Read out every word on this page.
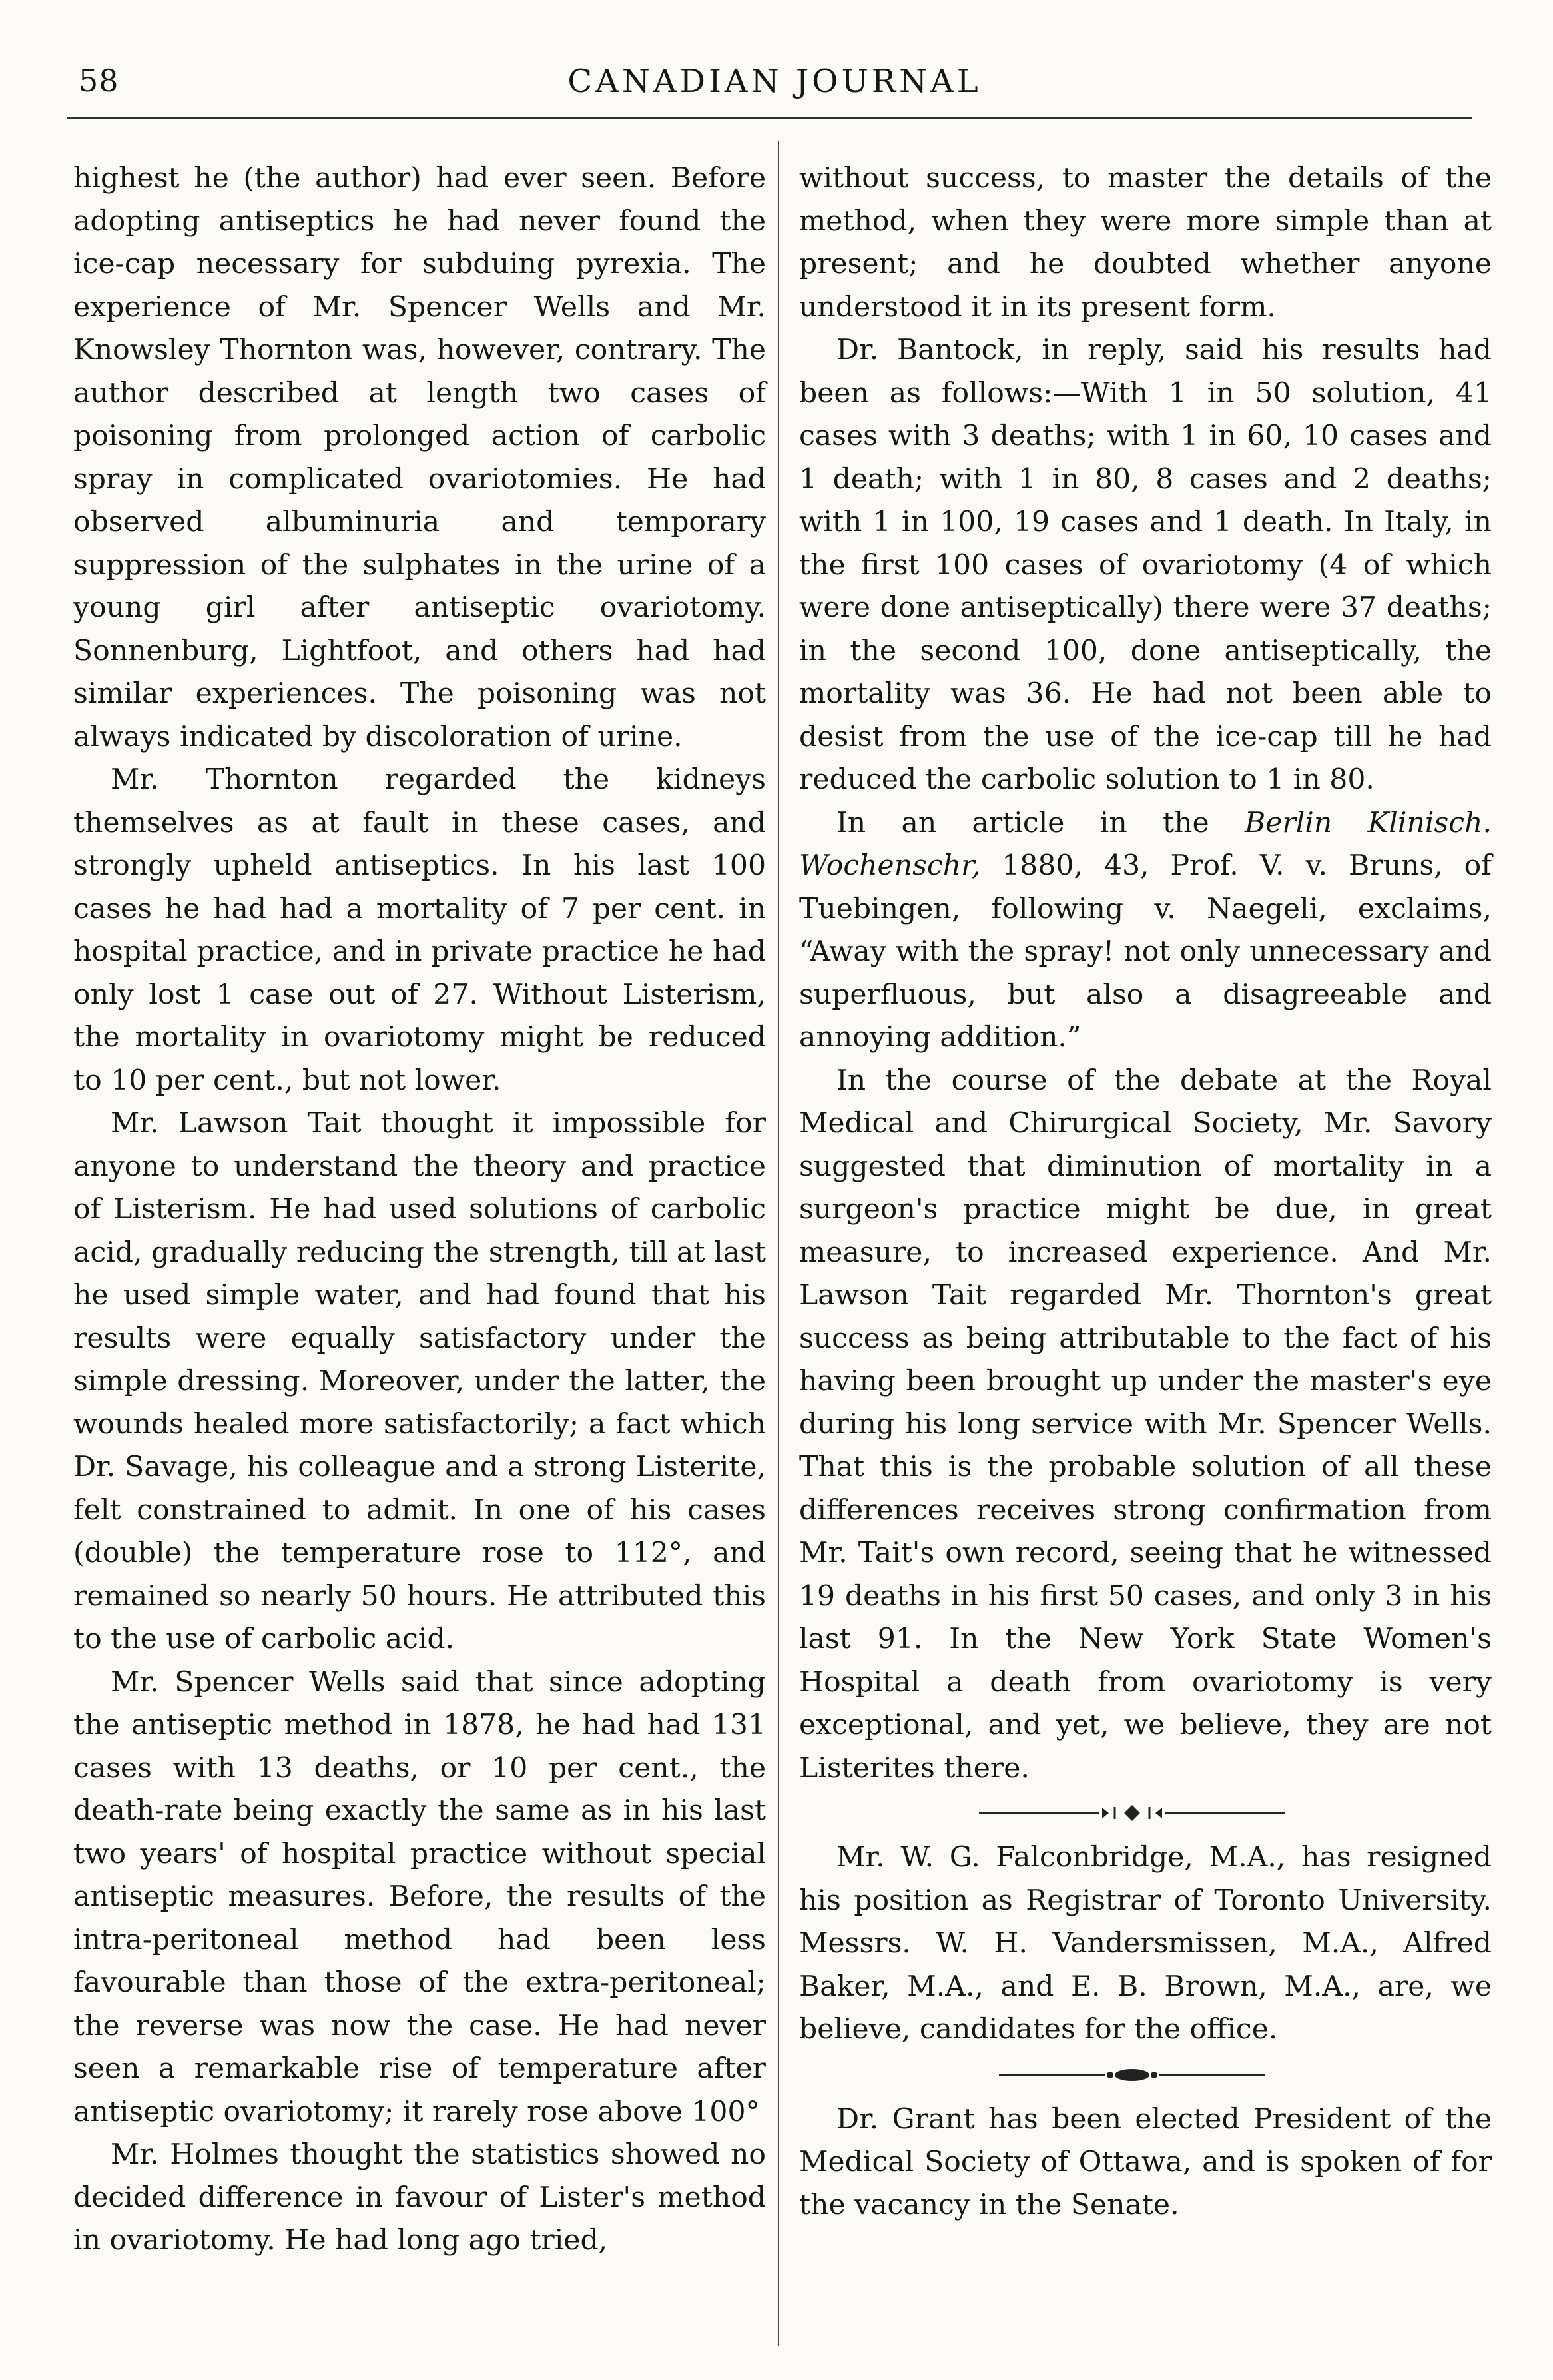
58	CANADIAN JOURNAL

highest he (the author) had ever seen. Before adopting antiseptics he had never found the ice-cap necessary for subduing pyrexia. The experience of Mr. Spencer Wells and Mr. Knowsley Thornton was, however, contrary. The author described at length two cases of poisoning from prolonged action of carbolic spray in complicated ovariotomies. He had observed albuminuria and temporary suppression of the sulphates in the urine of a young girl after antiseptic ovariotomy. Sonnenburg, Lightfoot, and others had had similar experiences. The poisoning was not always indicated by discoloration of urine.

Mr. Thornton regarded the kidneys themselves as at fault in these cases, and strongly upheld antiseptics. In his last 100 cases he had had a mortality of 7 per cent. in hospital practice, and in private practice he had only lost 1 case out of 27. Without Listerism, the mortality in ovariotomy might be reduced to 10 per cent., but not lower.

Mr. Lawson Tait thought it impossible for anyone to understand the theory and practice of Listerism. He had used solutions of carbolic acid, gradually reducing the strength, till at last he used simple water, and had found that his results were equally satisfactory under the simple dressing. Moreover, under the latter, the wounds healed more satisfactorily; a fact which Dr. Savage, his colleague and a strong Listerite, felt constrained to admit. In one of his cases (double) the temperature rose to 112°, and remained so nearly 50 hours. He attributed this to the use of carbolic acid.

Mr. Spencer Wells said that since adopting the antiseptic method in 1878, he had had 131 cases with 13 deaths, or 10 per cent., the death-rate being exactly the same as in his last two years' of hospital practice without special antiseptic measures. Before, the results of the intra-peritoneal method had been less favourable than those of the extra-peritoneal; the reverse was now the case. He had never seen a remarkable rise of temperature after antiseptic ovariotomy; it rarely rose above 100°

Mr. Holmes thought the statistics showed no decided difference in favour of Lister's method in ovariotomy. He had long ago tried,

without success, to master the details of the method, when they were more simple than at present; and he doubted whether anyone understood it in its present form.

Dr. Bantock, in reply, said his results had been as follows:—With 1 in 50 solution, 41 cases with 3 deaths; with 1 in 60, 10 cases and 1 death; with 1 in 80, 8 cases and 2 deaths; with 1 in 100, 19 cases and 1 death. In Italy, in the first 100 cases of ovariotomy (4 of which were done antiseptically) there were 37 deaths; in the second 100, done antiseptically, the mortality was 36. He had not been able to desist from the use of the ice-cap till he had reduced the carbolic solution to 1 in 80.

In an article in the Berlin Klinisch. Wochenschr, 1880, 43, Prof. V. v. Bruns, of Tuebingen, following v. Naegeli, exclaims, “Away with the spray! not only unnecessary and superfluous, but also a disagreeable and annoying addition.”

In the course of the debate at the Royal Medical and Chirurgical Society, Mr. Savory suggested that diminution of mortality in a surgeon's practice might be due, in great measure, to increased experience. And Mr. Lawson Tait regarded Mr. Thornton's great success as being attributable to the fact of his having been brought up under the master's eye during his long service with Mr. Spencer Wells. That this is the probable solution of all these differences receives strong confirmation from Mr. Tait's own record, seeing that he witnessed 19 deaths in his first 50 cases, and only 3 in his last 91. In the New York State Women's Hospital a death from ovariotomy is very exceptional, and yet, we believe, they are not Listerites there.

Mr. W. G. Falconbridge, M.A., has resigned his position as Registrar of Toronto University. Messrs. W. H. Vandersmissen, M.A., Alfred Baker, M.A., and E. B. Brown, M.A., are, we believe, candidates for the office.

Dr. Grant has been elected President of the Medical Society of Ottawa, and is spoken of for the vacancy in the Senate.
